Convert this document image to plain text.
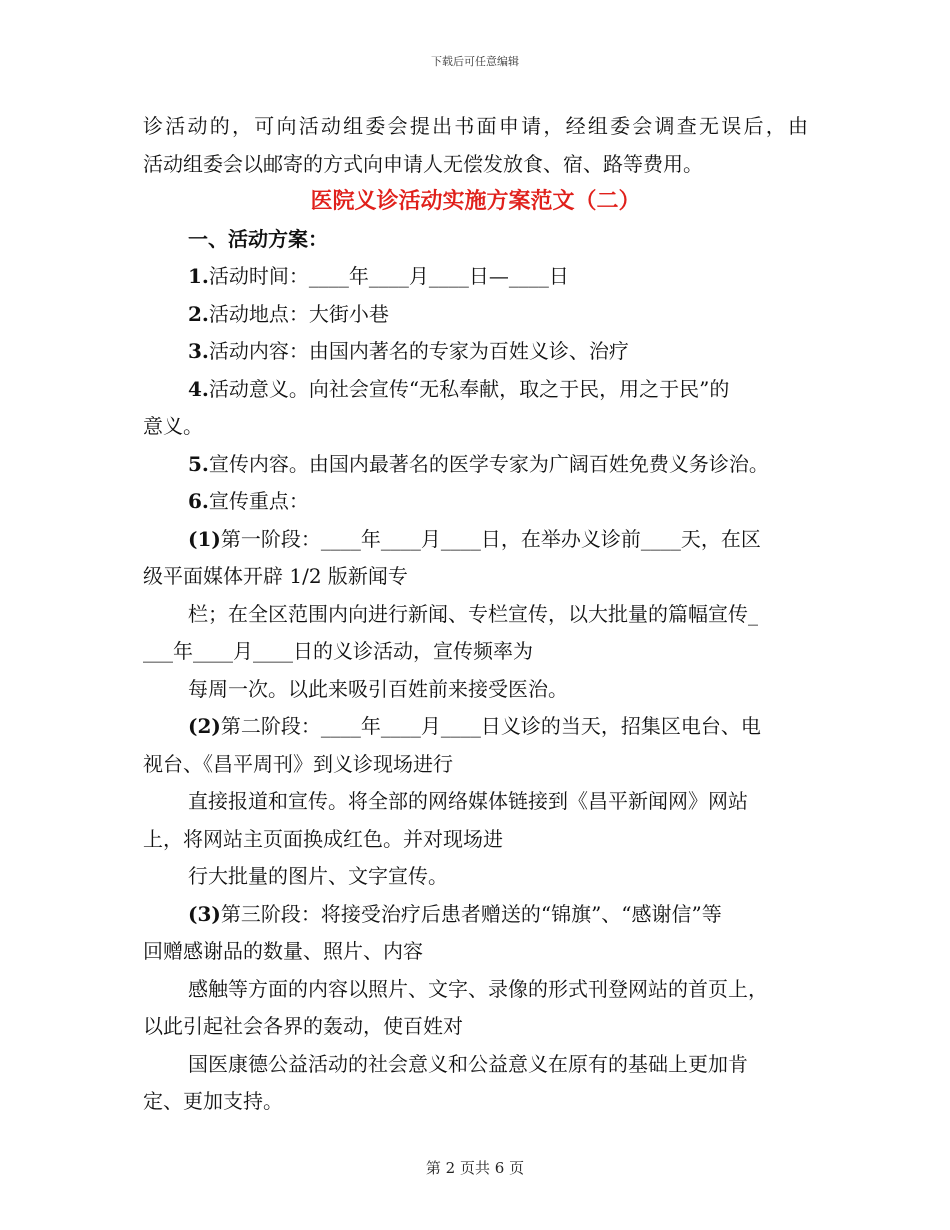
下载后可任意编辑
诊活动的，可向活动组委会提出书面申请，经组委会调查无误后，由
活动组委会以邮寄的方式向申请人无偿发放食、宿、路等费用。
医院义诊活动实施方案范文（二）
一、活动方案：
1.活动时间：____年____月____日—____日
2.活动地点：大街小巷
3.活动内容：由国内著名的专家为百姓义诊、治疗
4.活动意义。向社会宣传“无私奉献，取之于民，用之于民”的
意义。
5.宣传内容。由国内最著名的医学专家为广阔百姓免费义务诊治。
6.宣传重点：
(1)第一阶段：____年____月____日，在举办义诊前____天，在区
级平面媒体开辟 1/2 版新闻专
栏；在全区范围内向进行新闻、专栏宣传，以大批量的篇幅宣传_
___年____月____日的义诊活动，宣传频率为
每周一次。以此来吸引百姓前来接受医治。
(2)第二阶段：____年____月____日义诊的当天，招集区电台、电
视台、《昌平周刊》到义诊现场进行
直接报道和宣传。将全部的网络媒体链接到《昌平新闻网》网站
上，将网站主页面换成红色。并对现场进
行大批量的图片、文字宣传。
(3)第三阶段：将接受治疗后患者赠送的“锦旗”、“感谢信”等
回赠感谢品的数量、照片、内容
感触等方面的内容以照片、文字、录像的形式刊登网站的首页上，
以此引起社会各界的轰动，使百姓对
国医康德公益活动的社会意义和公益意义在原有的基础上更加肯
定、更加支持。
第 2 页共 6 页
